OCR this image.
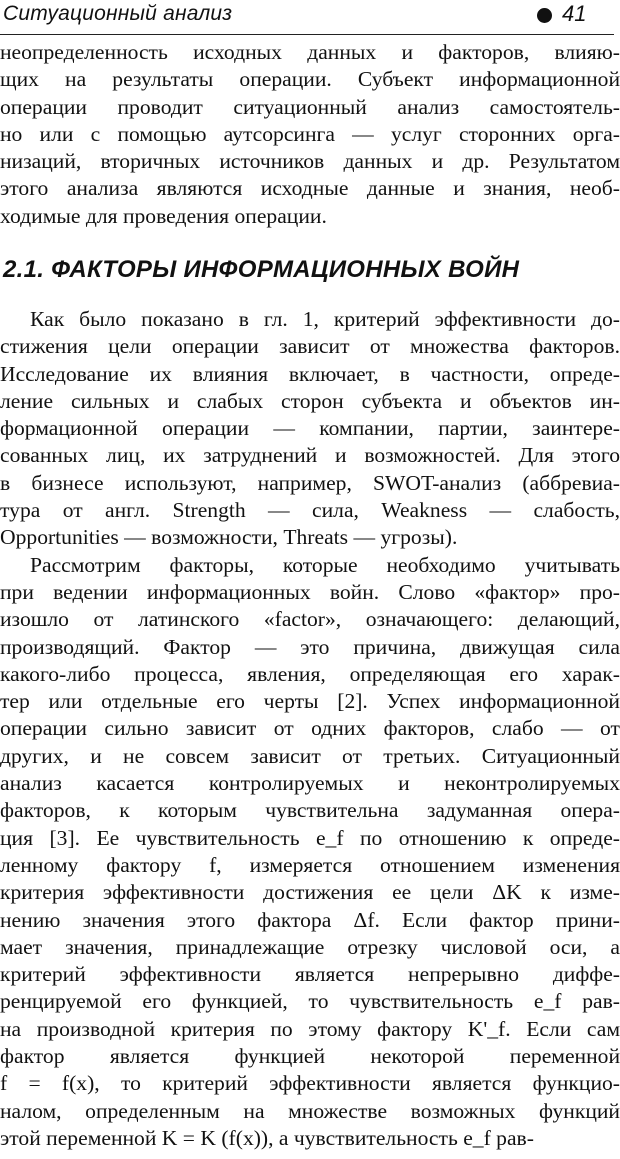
Ситуационный анализ	41
неопределенность исходных данных и факторов, влияю-
щих на результаты операции. Субъект информационной
операции проводит ситуационный анализ самостоятель-
но или с помощью аутсорсинга — услуг сторонних орга-
низаций, вторичных источников данных и др. Результатом
этого анализа являются исходные данные и знания, необ-
ходимые для проведения операции.
2.1. ФАКТОРЫ ИНФОРМАЦИОННЫХ ВОЙН
Как было показано в гл. 1, критерий эффективности до-
стижения цели операции зависит от множества факторов.
Исследование их влияния включает, в частности, опреде-
ление сильных и слабых сторон субъекта и объектов ин-
формационной операции — компании, партии, заинтере-
сованных лиц, их затруднений и возможностей. Для этого
в бизнесе используют, например, SWOT-анализ (аббревиа-
тура от англ. Strength — сила, Weakness — слабость,
Opportunities — возможности, Threats — угрозы).
Рассмотрим факторы, которые необходимо учитывать
при ведении информационных войн. Слово «фактор» про-
изошло от латинского «factor», означающего: делающий,
производящий. Фактор — это причина, движущая сила
какого-либо процесса, явления, определяющая его харак-
тер или отдельные его черты [2]. Успех информационной
операции сильно зависит от одних факторов, слабо — от
других, и не совсем зависит от третьих. Ситуационный
анализ касается контролируемых и неконтролируемых
факторов, к которым чувствительна задуманная опера-
ция [3]. Ее чувствительность e_f по отношению к опреде-
ленному фактору f, измеряется отношением изменения
критерия эффективности достижения ее цели ΔK к изме-
нению значения этого фактора Δf. Если фактор прини-
мает значения, принадлежащие отрезку числовой оси, а
критерий эффективности является непрерывно диффе-
ренцируемой его функцией, то чувствительность e_f рав-
на производной критерия по этому фактору K'_f. Если сам
фактор является функцией некоторой переменной
f = f(x), то критерий эффективности является функцио-
налом, определенным на множестве возможных функций
этой переменной K = K (f(x)), а чувствительность e_f рав-
